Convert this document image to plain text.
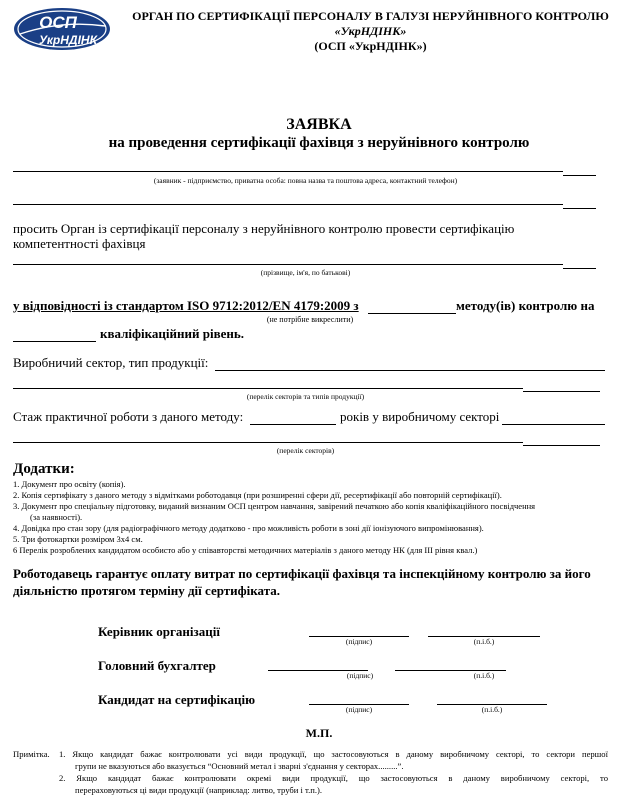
ОСП
УкрНДІНК
ОРГАН ПО СЕРТИФІКАЦІЇ ПЕРСОНАЛУ В ГАЛУЗІ НЕРУЙНІВНОГО КОНТРОЛЮ
«УкрНДІНК»
(ОСП «УкрНДІНК»)
ЗАЯВКА
на проведення сертифікації фахівця з неруйнівного контролю
(заявник - підприємство, приватна особа: повна назва та поштова адреса, контактний телефон)
просить Орган із сертифікації персоналу з неруйнівного контролю провести сертифікацію
компетентності фахівця
(прізвище, ім'я, по батькові)
у відповідності із стандартом ISO 9712:2012/EN 4179:2009 з	методу(ів) контролю на
(не потрібне викреслити)
кваліфікаційний рівень.
Виробничий сектор, тип продукції:
(перелік секторів та типів продукції)
Стаж практичної роботи з даного методу:	років у виробничому секторі
(перелік секторів)
Додатки:
1. Документ про освіту (копія).
2. Копія сертифікату з даного методу з відмітками роботодавця (при розширенні сфери дії, ресертифікації або повторній сертифікації).
3. Документ про спеціальну підготовку, виданий визнаним ОСП центром навчання, завірений печаткою або копія кваліфікаційного посвідчення
(за наявності).
4. Довідка про стан зору (для радіографічного методу додатково - про можливість роботи в зоні дії іонізуючого випромінювання).
5. Три фотокартки розміром 3х4 см.
6 Перелік розроблених кандидатом особисто або у співавторстві методичних матеріалів з даного методу НК (для ІІІ рівня квал.)
Роботодавець гарантує оплату витрат по сертифікації фахівця та інспекційному контролю за його
діяльністю протягом терміну дії сертифіката.
Керівник організації
(підпис)	(п.і.б.)
Головний бухгалтер
(підпис)	(п.і.б.)
Кандидат на сертифікацію
(підпис)	(п.і.б.)
М.П.
Примітка. 1. Якщо кандидат бажає контролювати усі види продукції, що застосовуються в даному виробничому секторі, то сектори першої
групи не вказуються або вказується “Основний метал і зварні з'єднання у секторах.........”.
2. Якщо кандидат бажає контролювати окремі види продукції, що застосовуються в даному виробничому секторі, то
перераховуються ці види продукції (наприклад: литво, труби і т.п.).
